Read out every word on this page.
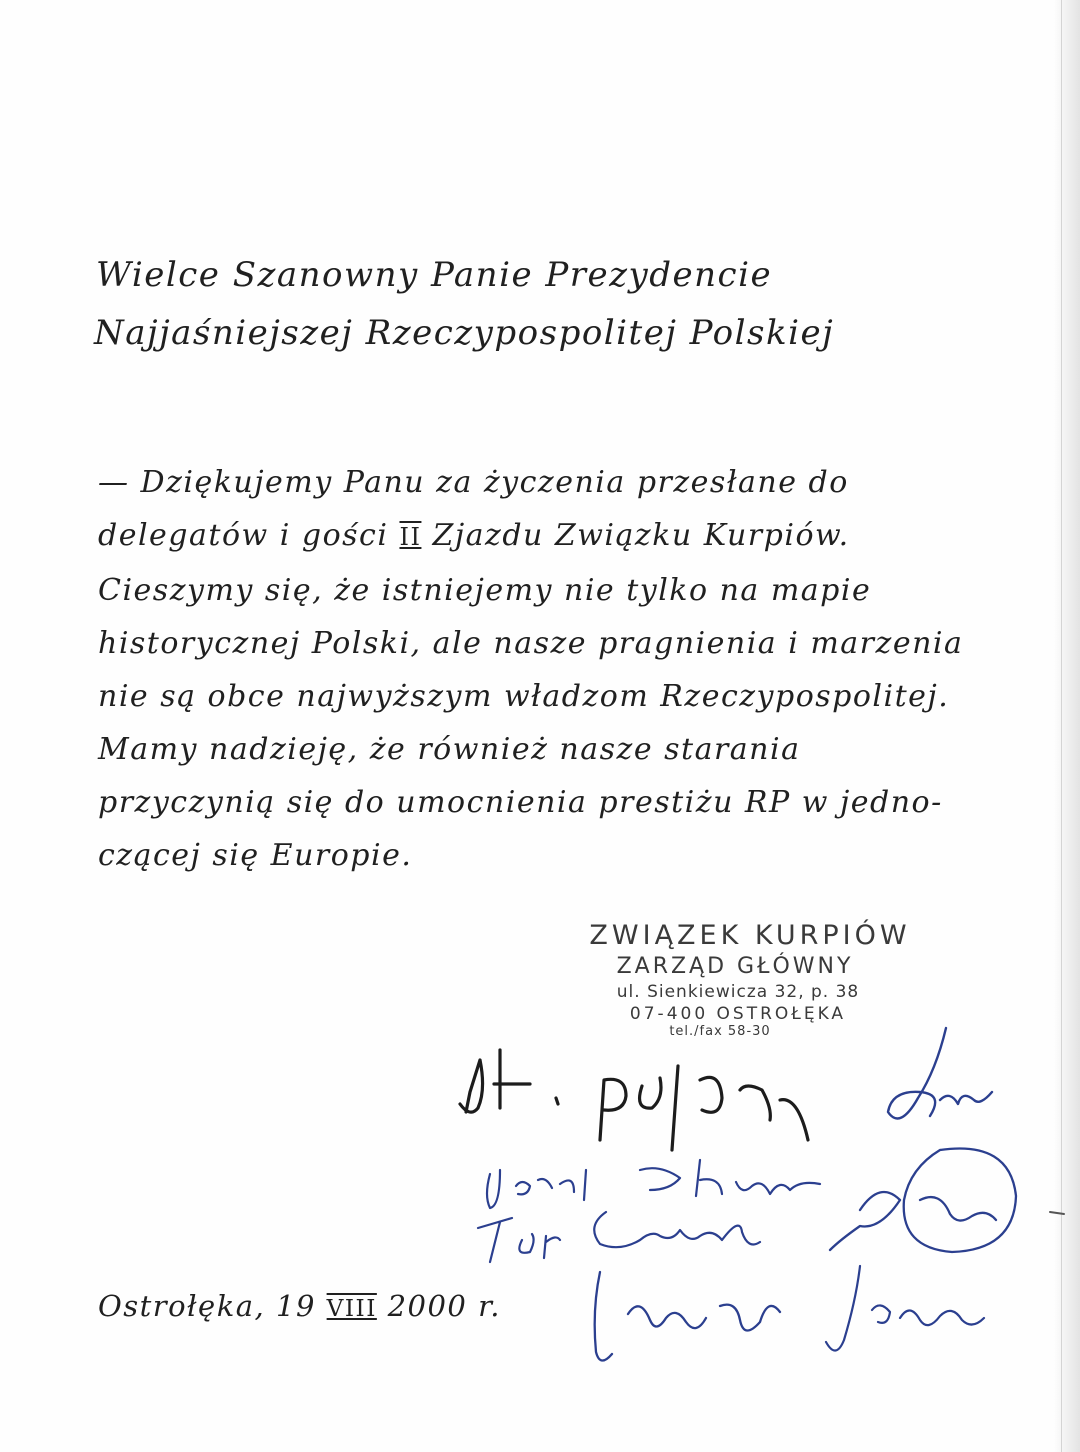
Wielce Szanowny Panie Prezydencie
Najjaśniejszej Rzeczypospolitej Polskiej
— Dziękujemy Panu za życzenia przesłane do
delegatów i gości II Zjazdu Związku Kurpiów.
Cieszymy się, że istniejemy nie tylko na mapie
historycznej Polski, ale nasze pragnienia i marzenia
nie są obce najwyższym władzom Rzeczypospolitej.
Mamy nadzieję, że również nasze starania
przyczynią się do umocnienia prestiżu RP w jedno-
czącej się Europie.
ZWIĄZEK KURPIÓW
ZARZĄD GŁÓWNY
ul. Sienkiewicza 32, p. 38
07-400 OSTROŁĘKA
tel./fax 58-30
Ostrołęka, 19 VIII 2000 r.
